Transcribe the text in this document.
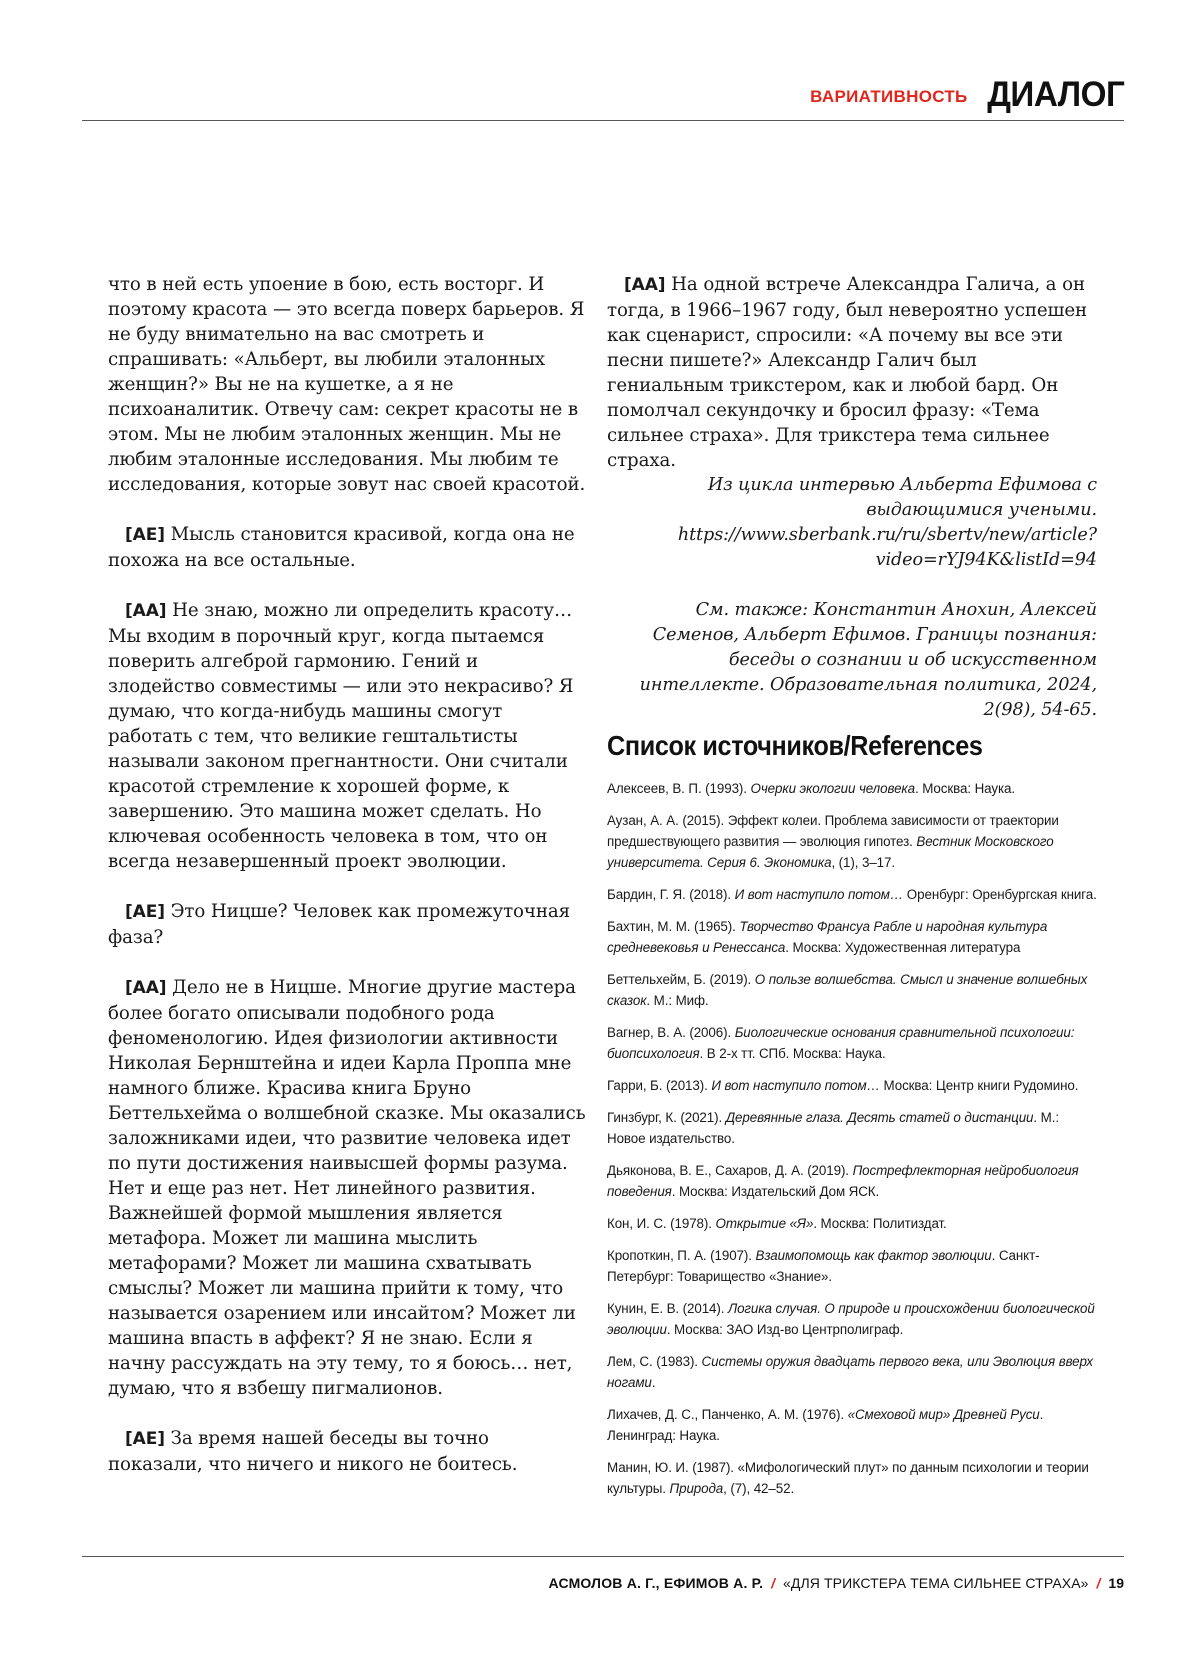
ВАРИАТИВНОСТЬ ДИАЛОГ

что в ней есть упоение в бою, есть восторг. И поэтому красота — это всегда поверх барьеров. Я не буду внимательно на вас смотреть и спрашивать: «Альберт, вы любили эталонных женщин?» Вы не на кушетке, а я не психоаналитик. Отвечу сам: секрет красоты не в этом. Мы не любим эталонных женщин. Мы не любим эталонные исследования. Мы любим те исследования, которые зовут нас своей красотой.

[AE] Мысль становится красивой, когда она не похожа на все остальные.

[AA] Не знаю, можно ли определить красоту… Мы входим в порочный круг, когда пытаемся поверить алгеброй гармонию. Гений и злодейство совместимы — или это некрасиво? Я думаю, что когда-нибудь машины смогут работать с тем, что великие гештальтисты называли законом прегнантности. Они считали красотой стремление к хорошей форме, к завершению. Это машина может сделать. Но ключевая особенность человека в том, что он всегда незавершенный проект эволюции.

[AE] Это Ницше? Человек как промежуточная фаза?

[AA] Дело не в Ницше. Многие другие мастера более богато описывали подобного рода феноменологию. Идея физиологии активности Николая Бернштейна и идеи Карла Проппа мне намного ближе. Красива книга Бруно Беттельхейма о волшебной сказке. Мы оказались заложниками идеи, что развитие человека идет по пути достижения наивысшей формы разума. Нет и еще раз нет. Нет линейного развития. Важнейшей формой мышления является метафора. Может ли машина мыслить метафорами? Может ли машина схватывать смыслы? Может ли машина прийти к тому, что называется озарением или инсайтом? Может ли машина впасть в аффект? Я не знаю. Если я начну рассуждать на эту тему, то я боюсь… нет, думаю, что я взбешу пигмалионов.

[AE] За время нашей беседы вы точно показали, что ничего и никого не боитесь.

[AA] На одной встрече Александра Галича, а он тогда, в 1966–1967 году, был невероятно успешен как сценарист, спросили: «А почему вы все эти песни пишете?» Александр Галич был гениальным трикстером, как и любой бард. Он помолчал секундочку и бросил фразу: «Тема сильнее страха». Для трикстера тема сильнее страха.

Из цикла интервью Альберта Ефимова с выдающимися учеными. https://www.sberbank.ru/ru/sbertv/new/article?video=rYJ94K&listId=94

См. также: Константин Анохин, Алексей Семенов, Альберт Ефимов. Границы познания: беседы о сознании и об искусственном интеллекте. Образовательная политика, 2024, 2(98), 54-65.

Список источников/References

Алексеев, В. П. (1993). Очерки экологии человека. Москва: Наука.

Аузан, А. А. (2015). Эффект колеи. Проблема зависимости от траектории предшествующего развития — эволюция гипотез. Вестник Московского университета. Серия 6. Экономика, (1), 3–17.

Бардин, Г. Я. (2018). И вот наступило потом… Оренбург: Оренбургская книга.

Бахтин, М. М. (1965). Творчество Франсуа Рабле и народная культура средневековья и Ренессанса. Москва: Художественная литература

Беттельхейм, Б. (2019). О пользе волшебства. Смысл и значение волшебных сказок. М.: Миф.

Вагнер, В. А. (2006). Биологические основания сравнительной психологии: биопсихология. В 2-х тт. СПб. Москва: Наука.

Гарри, Б. (2013). И вот наступило потом… Москва: Центр книги Рудомино.

Гинзбург, К. (2021). Деревянные глаза. Десять статей о дистанции. М.: Новое издательство.

Дьяконова, В. Е., Сахаров, Д. А. (2019). Пострефлекторная нейробиология поведения. Москва: Издательский Дом ЯСК.

Кон, И. С. (1978). Открытие «Я». Москва: Политиздат.

Кропоткин, П. А. (1907). Взаимопомощь как фактор эволюции. Санкт-Петербург: Товарищество «Знание».

Кунин, Е. В. (2014). Логика случая. О природе и происхождении биологической эволюции. Москва: ЗАО Изд-во Центрполиграф.

Лем, С. (1983). Системы оружия двадцать первого века, или Эволюция вверх ногами.

Лихачев, Д. С., Панченко, А. М. (1976). «Смеховой мир» Древней Руси. Ленинград: Наука.

Манин, Ю. И. (1987). «Мифологический плут» по данным психологии и теории культуры. Природа, (7), 42–52.

АСМОЛОВ А. Г., ЕФИМОВ А. Р. / «ДЛЯ ТРИКСТЕРА ТЕМА СИЛЬНЕЕ СТРАХА» / 19
